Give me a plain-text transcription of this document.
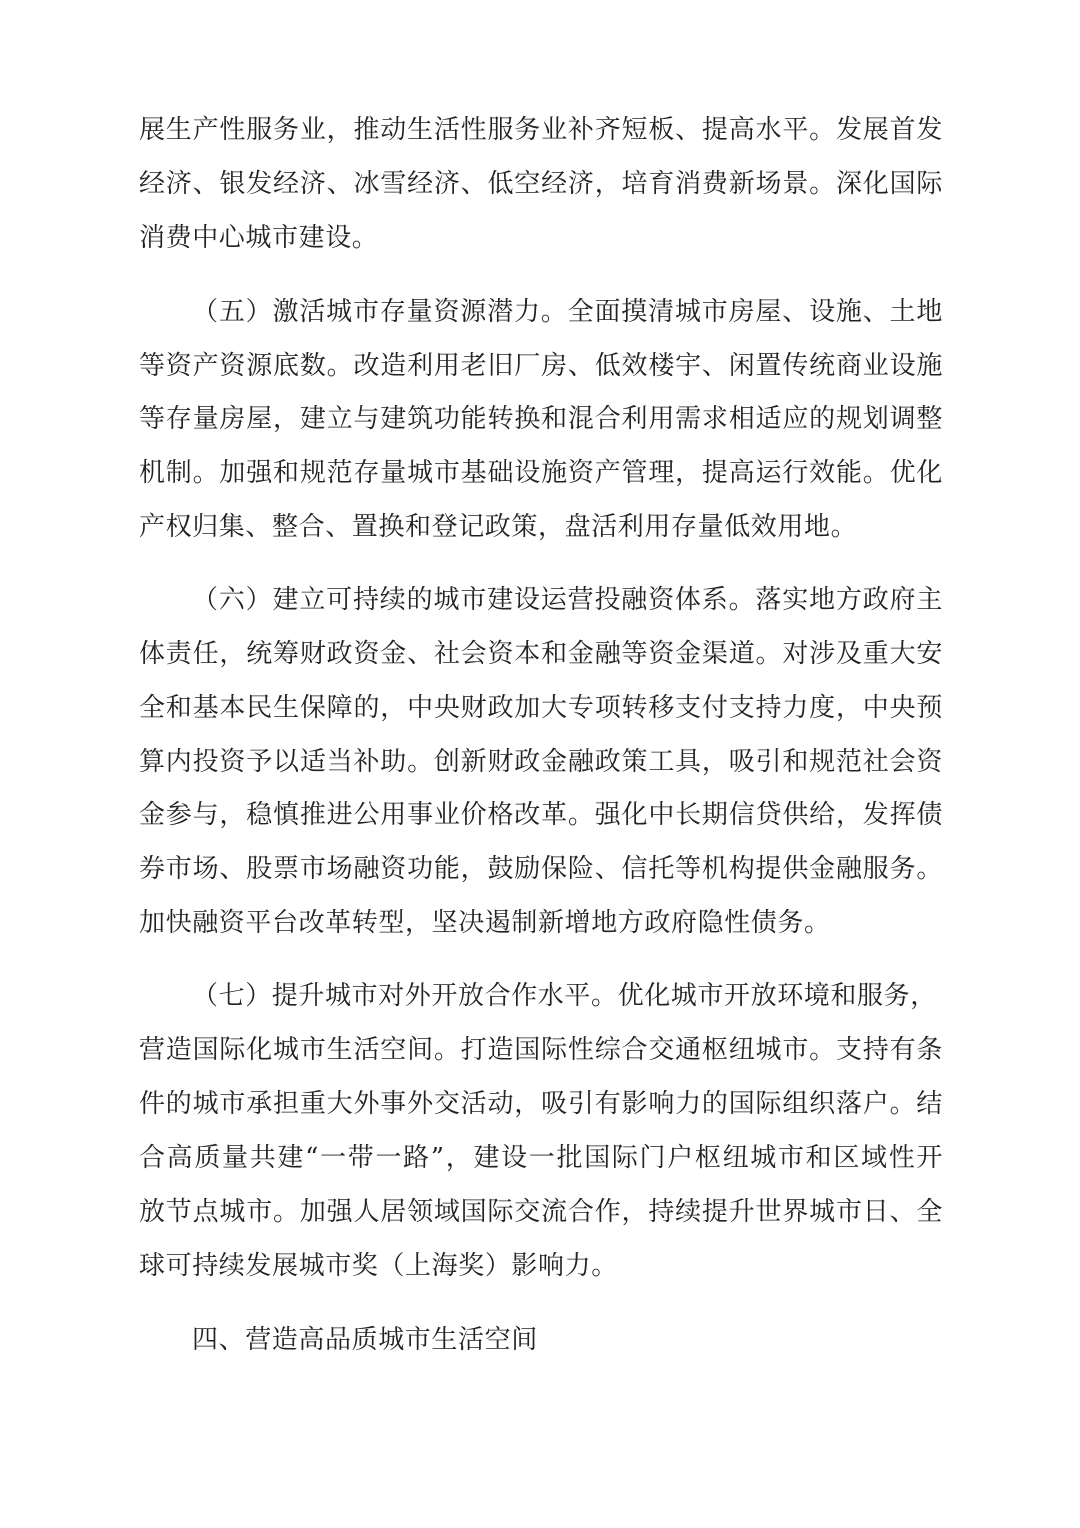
展生产性服务业，推动生活性服务业补齐短板、提高水平。发展首发
经济、银发经济、冰雪经济、低空经济，培育消费新场景。深化国际
消费中心城市建设。
（五）激活城市存量资源潜力。全面摸清城市房屋、设施、土地
等资产资源底数。改造利用老旧厂房、低效楼宇、闲置传统商业设施
等存量房屋，建立与建筑功能转换和混合利用需求相适应的规划调整
机制。加强和规范存量城市基础设施资产管理，提高运行效能。优化
产权归集、整合、置换和登记政策，盘活利用存量低效用地。
（六）建立可持续的城市建设运营投融资体系。落实地方政府主
体责任，统筹财政资金、社会资本和金融等资金渠道。对涉及重大安
全和基本民生保障的，中央财政加大专项转移支付支持力度，中央预
算内投资予以适当补助。创新财政金融政策工具，吸引和规范社会资
金参与，稳慎推进公用事业价格改革。强化中长期信贷供给，发挥债
券市场、股票市场融资功能，鼓励保险、信托等机构提供金融服务。
加快融资平台改革转型，坚决遏制新增地方政府隐性债务。
（七）提升城市对外开放合作水平。优化城市开放环境和服务，
营造国际化城市生活空间。打造国际性综合交通枢纽城市。支持有条
件的城市承担重大外事外交活动，吸引有影响力的国际组织落户。结
合高质量共建“一带一路”，建设一批国际门户枢纽城市和区域性开
放节点城市。加强人居领域国际交流合作，持续提升世界城市日、全
球可持续发展城市奖（上海奖）影响力。
四、营造高品质城市生活空间
